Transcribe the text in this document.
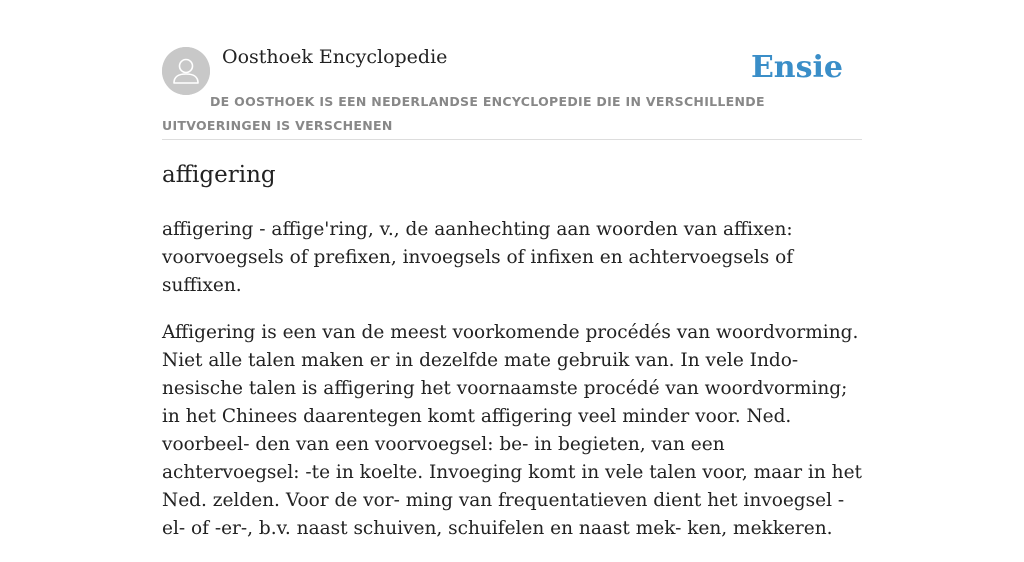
Oosthoek Encyclopedie	Ensie
DE OOSTHOEK IS EEN NEDERLANDSE ENCYCLOPEDIE DIE IN VERSCHILLENDE UITVOERINGEN IS VERSCHENEN
affigering

affigering - affige'ring, v., de aanhechting aan woorden van affixen: voorvoegsels of prefixen, invoegsels of infixen en achtervoegsels of suffixen.

Affigering is een van de meest voorkomende procédés van woordvorming. Niet alle talen maken er in dezelfde mate gebruik van. In vele Indo- nesische talen is affigering het voornaamste procédé van woordvorming; in het Chinees daarentegen komt affigering veel minder voor. Ned. voorbeel- den van een voorvoegsel: be- in begieten, van een achtervoegsel: -te in koelte. Invoeging komt in vele talen voor, maar in het Ned. zelden. Voor de vor- ming van frequentatieven dient het invoegsel -el- of -er-, b.v. naast schuiven, schuifelen en naast mek- ken, mekkeren.
